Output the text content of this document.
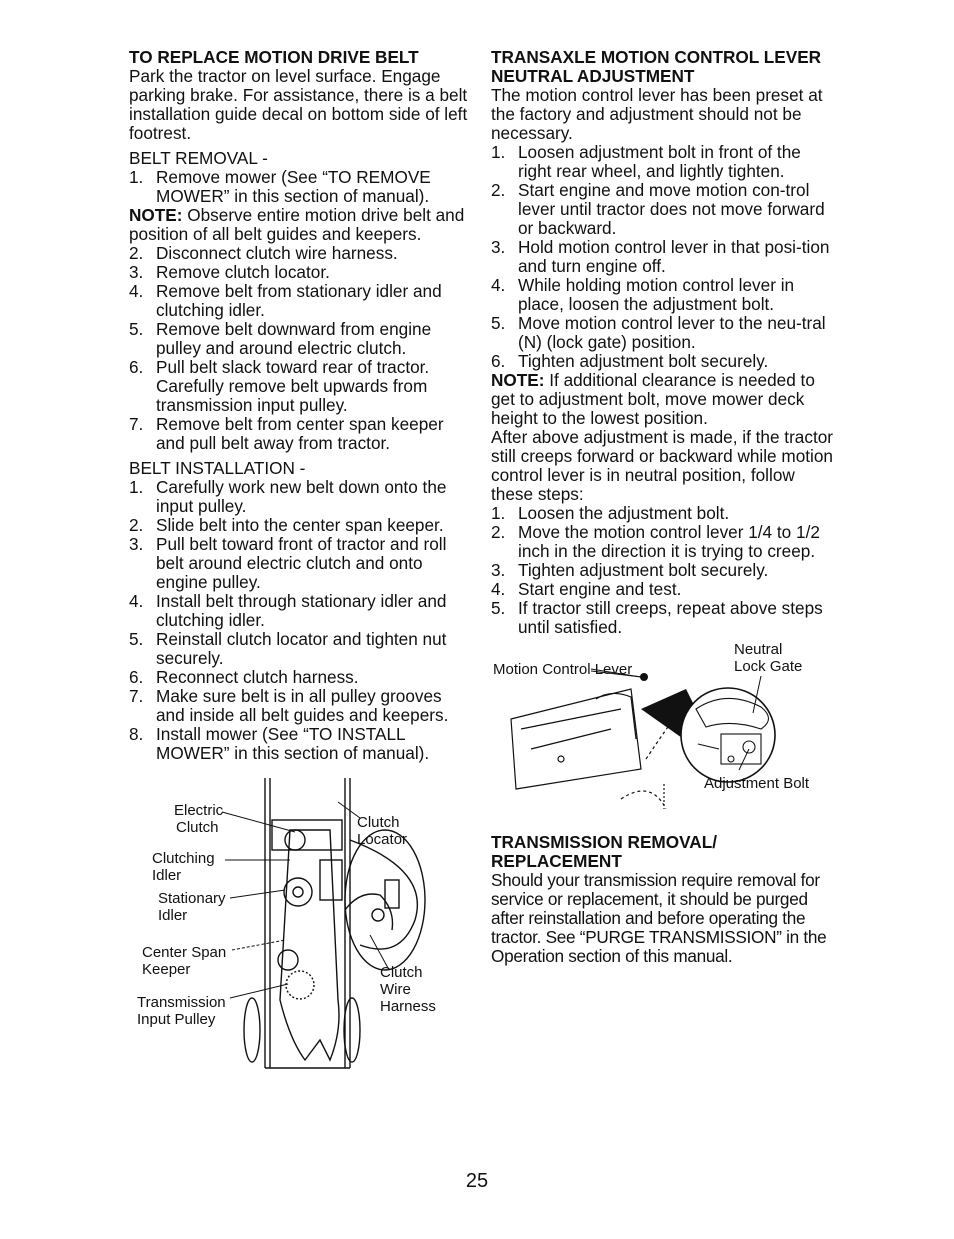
TO REPLACE MOTION DRIVE BELT

Park the tractor on level surface. Engage parking brake. For assistance, there is a belt installation guide decal on bottom side of left footrest.

BELT REMOVAL -

1. Remove mower (See “TO REMOVE MOWER” in this section of manual).

NOTE: Observe entire motion drive belt and position of all belt guides and keepers.

2. Disconnect clutch wire harness.
3. Remove clutch locator.
4. Remove belt from stationary idler and clutching idler.
5. Remove belt downward from engine pulley and around electric clutch.
6. Pull belt slack toward rear of tractor. Carefully remove belt upwards from transmission input pulley.
7. Remove belt from center span keeper and pull belt away from tractor.

BELT INSTALLATION -

1. Carefully work new belt down onto the input pulley.
2. Slide belt into the center span keeper.
3. Pull belt toward front of tractor and roll belt around electric clutch and onto engine pulley.
4. Install belt through stationary idler and clutching idler.
5. Reinstall clutch locator and tighten nut securely.
6. Reconnect clutch harness.
7. Make sure belt is in all pulley grooves and inside all belt guides and keepers.
8. Install mower (See “TO INSTALL MOWER” in this section of manual).
Electric
Clutch	Clutch
Locator
Clutching
Idler
Stationary
Idler
Center Span
Keeper	Clutch
Wire
Harness
Transmission
Input Pulley
TRANSAXLE MOTION CONTROL LEVER NEUTRAL ADJUSTMENT

The motion control lever has been preset at the factory and adjustment should not be necessary.

1. Loosen adjustment bolt in front of the right rear wheel, and lightly tighten.
2. Start engine and move motion con-trol lever until tractor does not move forward or backward.
3. Hold motion control lever in that posi-tion and turn engine off.
4. While holding motion control lever in place, loosen the adjustment bolt.
5. Move motion control lever to the neu-tral (N) (lock gate) position.
6. Tighten adjustment bolt securely.

NOTE: If additional clearance is needed to get to adjustment bolt, move mower deck height to the lowest position.

After above adjustment is made, if the tractor still creeps forward or backward while motion control lever is in neutral position, follow these steps:

1. Loosen the adjustment bolt.
2. Move the motion control lever 1/4 to 1/2 inch in the direction it is trying to creep.
3. Tighten adjustment bolt securely.
4. Start engine and test.
5. If tractor still creeps, repeat above steps until satisfied.
Motion Control Lever
Neutral
Lock Gate
Adjustment Bolt
TRANSMISSION REMOVAL/ REPLACEMENT

Should your transmission require removal for service or replacement, it should be purged after reinstallation and before operating the tractor. See “PURGE TRANSMISSION” in the Operation section of this manual.

25
